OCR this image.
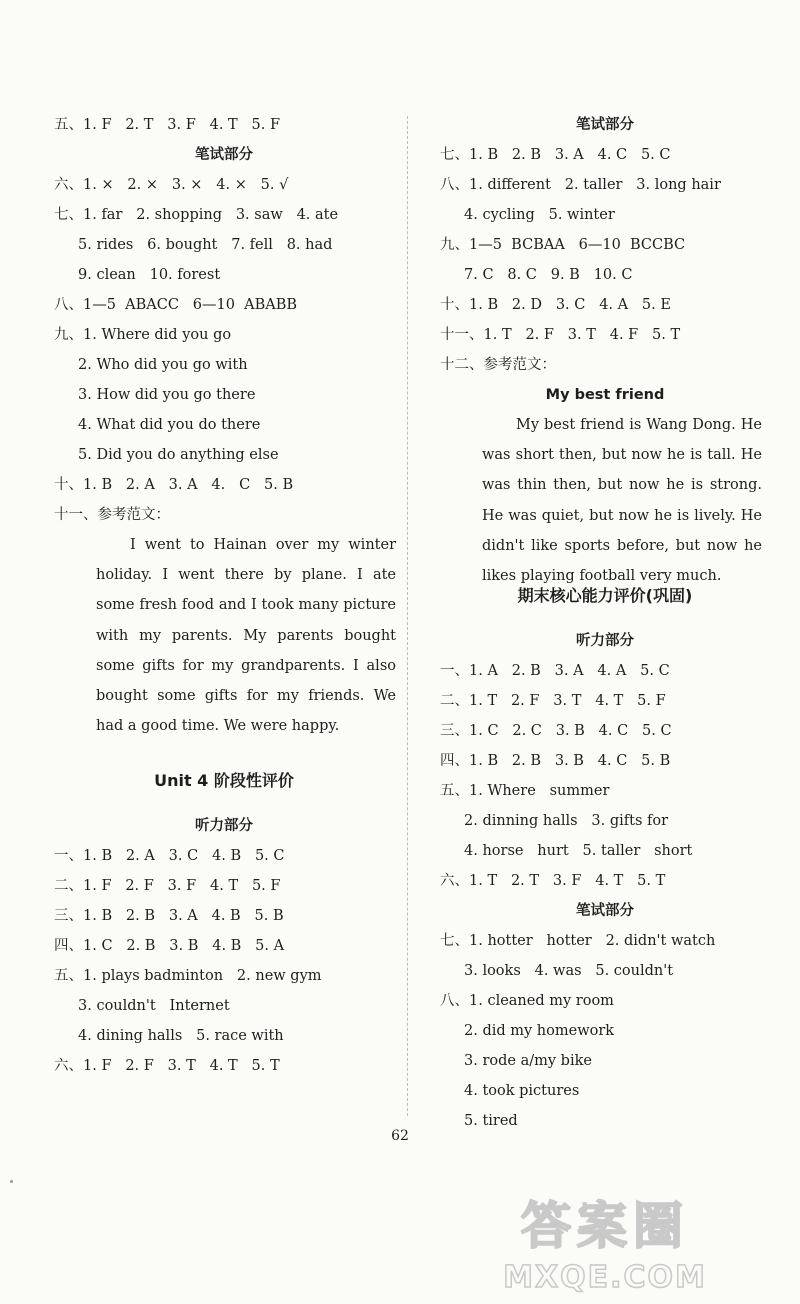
五、1. F   2. T   3. F   4. T   5. F
笔试部分
六、1. ×   2. ×   3. ×   4. ×   5. √
七、1. far   2. shopping   3. saw   4. ate
5. rides   6. bought   7. fell   8. had
9. clean   10. forest
八、1—5  ABACC   6—10  ABABB
九、1. Where did you go
2. Who did you go with
3. How did you go there
4. What did you do there
5. Did you do anything else
十、1. B   2. A   3. A   4.   C   5. B
十一、参考范文：
I went to Hainan over my winter holiday. I went there by plane. I ate some fresh food and I took many picture with my parents. My parents bought some gifts for my grandparents. I also bought some gifts for my friends. We had a good time. We were happy.
Unit 4 阶段性评价
听力部分
一、1. B   2. A   3. C   4. B   5. C
二、1. F   2. F   3. F   4. T   5. F
三、1. B   2. B   3. A   4. B   5. B
四、1. C   2. B   3. B   4. B   5. A
五、1. plays badminton   2. new gym
3. couldn't   Internet
4. dining halls   5. race with
六、1. F   2. F   3. T   4. T   5. T
笔试部分
七、1. B   2. B   3. A   4. C   5. C
八、1. different   2. taller   3. long hair
4. cycling   5. winter
九、1—5  BCBAA   6—10  BCCBC
7. C   8. C   9. B   10. C
十、1. B   2. D   3. C   4. A   5. E
十一、1. T   2. F   3. T   4. F   5. T
十二、参考范文：
My best friend
My best friend is Wang Dong. He was short then, but now he is tall. He was thin then, but now he is strong. He was quiet, but now he is lively. He didn't like sports before, but now he likes playing football very much.
期末核心能力评价(巩固)
听力部分
一、1. A   2. B   3. A   4. A   5. C
二、1. T   2. F   3. T   4. T   5. F
三、1. C   2. C   3. B   4. C   5. C
四、1. B   2. B   3. B   4. C   5. B
五、1. Where   summer
2. dinning halls   3. gifts for
4. horse   hurt   5. taller   short
六、1. T   2. T   3. F   4. T   5. T
笔试部分
七、1. hotter   hotter   2. didn't watch
3. looks   4. was   5. couldn't
八、1. cleaned my room
2. did my homework
3. rode a/my bike
4. took pictures
5. tired
62
答案圈
MXQE.COM
